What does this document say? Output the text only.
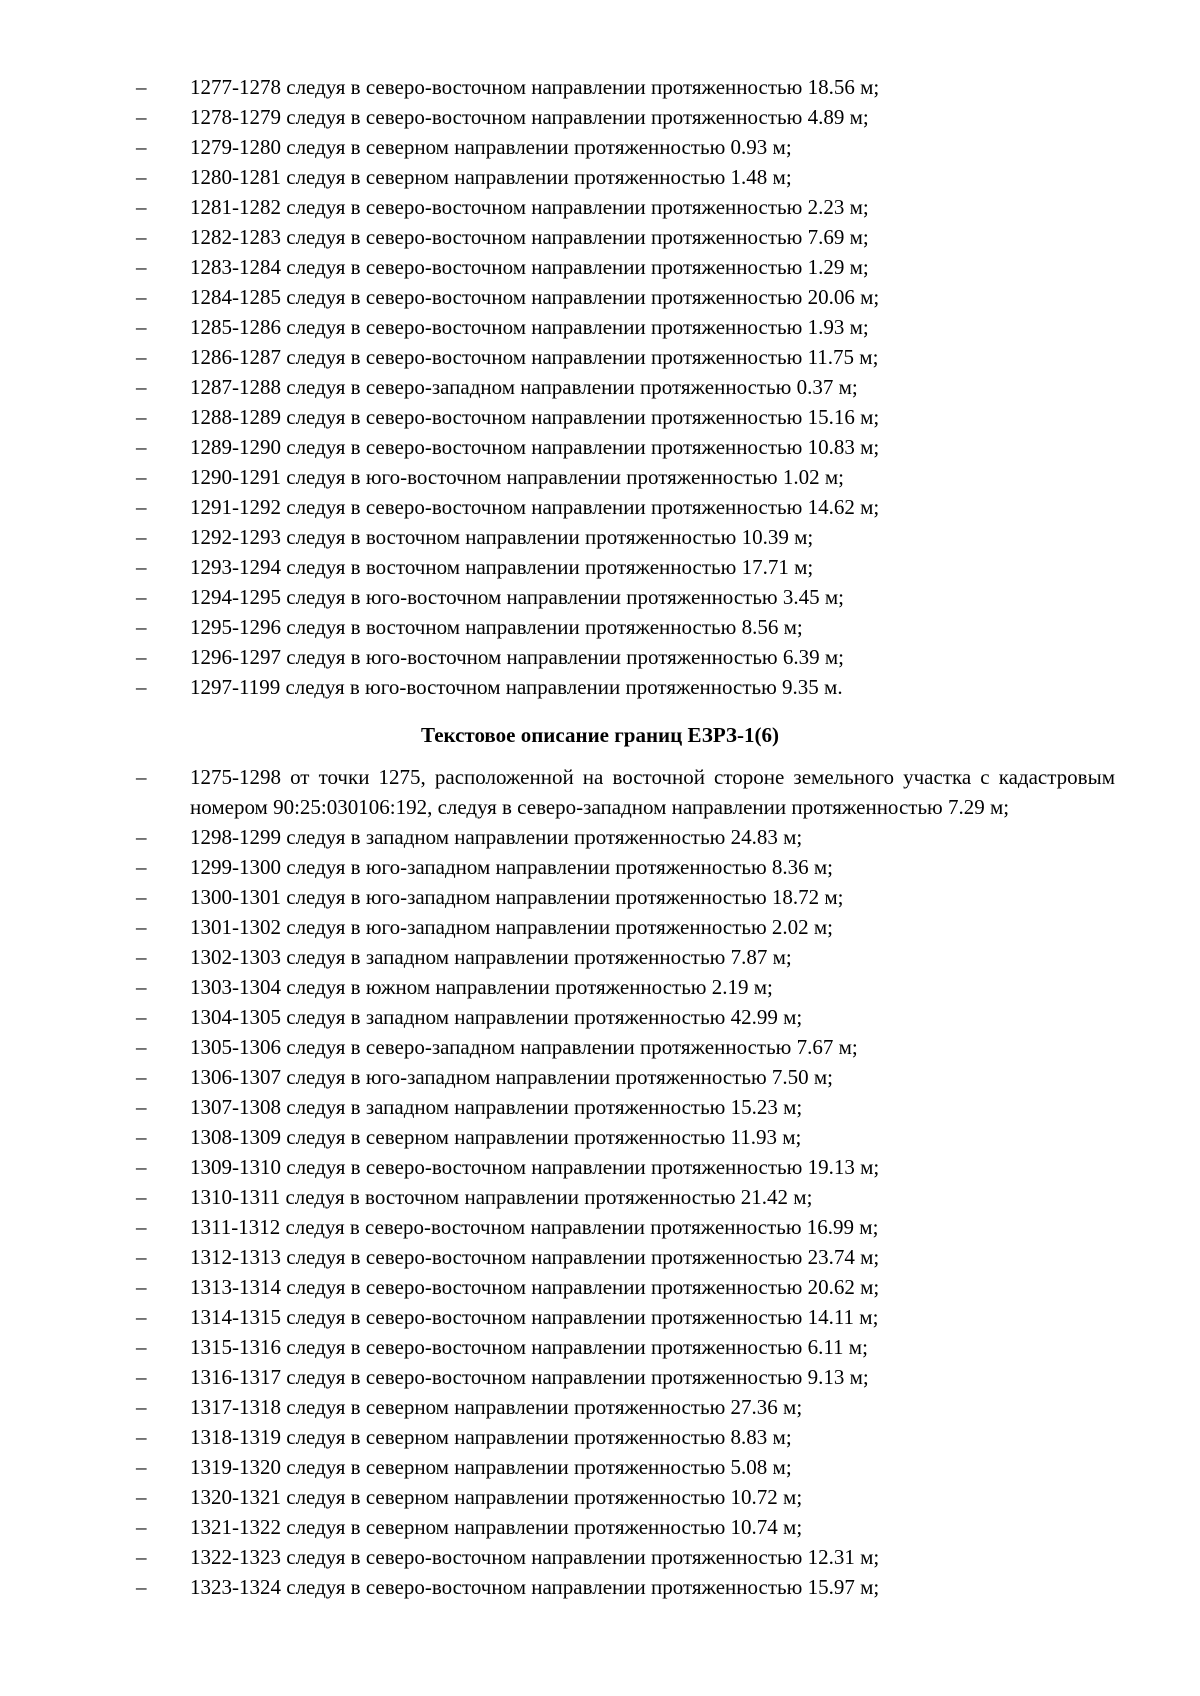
–	1277-1278 следуя в северо-восточном направлении протяженностью 18.56 м;
–	1278-1279 следуя в северо-восточном направлении протяженностью 4.89 м;
–	1279-1280 следуя в северном направлении протяженностью 0.93 м;
–	1280-1281 следуя в северном направлении протяженностью 1.48 м;
–	1281-1282 следуя в северо-восточном направлении протяженностью 2.23 м;
–	1282-1283 следуя в северо-восточном направлении протяженностью 7.69 м;
–	1283-1284 следуя в северо-восточном направлении протяженностью 1.29 м;
–	1284-1285 следуя в северо-восточном направлении протяженностью 20.06 м;
–	1285-1286 следуя в северо-восточном направлении протяженностью 1.93 м;
–	1286-1287 следуя в северо-восточном направлении протяженностью 11.75 м;
–	1287-1288 следуя в северо-западном направлении протяженностью 0.37 м;
–	1288-1289 следуя в северо-восточном направлении протяженностью 15.16 м;
–	1289-1290 следуя в северо-восточном направлении протяженностью 10.83 м;
–	1290-1291 следуя в юго-восточном направлении протяженностью 1.02 м;
–	1291-1292 следуя в северо-восточном направлении протяженностью 14.62 м;
–	1292-1293 следуя в восточном направлении протяженностью 10.39 м;
–	1293-1294 следуя в восточном направлении протяженностью 17.71 м;
–	1294-1295 следуя в юго-восточном направлении протяженностью 3.45 м;
–	1295-1296 следуя в восточном направлении протяженностью 8.56 м;
–	1296-1297 следуя в юго-восточном направлении протяженностью 6.39 м;
–	1297-1199 следуя в юго-восточном направлении протяженностью 9.35 м.
Текстовое описание границ ЕЗРЗ-1(6)
–	1275-1298 от точки 1275, расположенной на восточной стороне земельного участка с кадастровым номером 90:25:030106:192, следуя в северо-западном направлении протяженностью 7.29 м;
–	1298-1299 следуя в западном направлении протяженностью 24.83 м;
–	1299-1300 следуя в юго-западном направлении протяженностью 8.36 м;
–	1300-1301 следуя в юго-западном направлении протяженностью 18.72 м;
–	1301-1302 следуя в юго-западном направлении протяженностью 2.02 м;
–	1302-1303 следуя в западном направлении протяженностью 7.87 м;
–	1303-1304 следуя в южном направлении протяженностью 2.19 м;
–	1304-1305 следуя в западном направлении протяженностью 42.99 м;
–	1305-1306 следуя в северо-западном направлении протяженностью 7.67 м;
–	1306-1307 следуя в юго-западном направлении протяженностью 7.50 м;
–	1307-1308 следуя в западном направлении протяженностью 15.23 м;
–	1308-1309 следуя в северном направлении протяженностью 11.93 м;
–	1309-1310 следуя в северо-восточном направлении протяженностью 19.13 м;
–	1310-1311 следуя в восточном направлении протяженностью 21.42 м;
–	1311-1312 следуя в северо-восточном направлении протяженностью 16.99 м;
–	1312-1313 следуя в северо-восточном направлении протяженностью 23.74 м;
–	1313-1314 следуя в северо-восточном направлении протяженностью 20.62 м;
–	1314-1315 следуя в северо-восточном направлении протяженностью 14.11 м;
–	1315-1316 следуя в северо-восточном направлении протяженностью 6.11 м;
–	1316-1317 следуя в северо-восточном направлении протяженностью 9.13 м;
–	1317-1318 следуя в северном направлении протяженностью 27.36 м;
–	1318-1319 следуя в северном направлении протяженностью 8.83 м;
–	1319-1320 следуя в северном направлении протяженностью 5.08 м;
–	1320-1321 следуя в северном направлении протяженностью 10.72 м;
–	1321-1322 следуя в северном направлении протяженностью 10.74 м;
–	1322-1323 следуя в северо-восточном направлении протяженностью 12.31 м;
–	1323-1324 следуя в северо-восточном направлении протяженностью 15.97 м;
